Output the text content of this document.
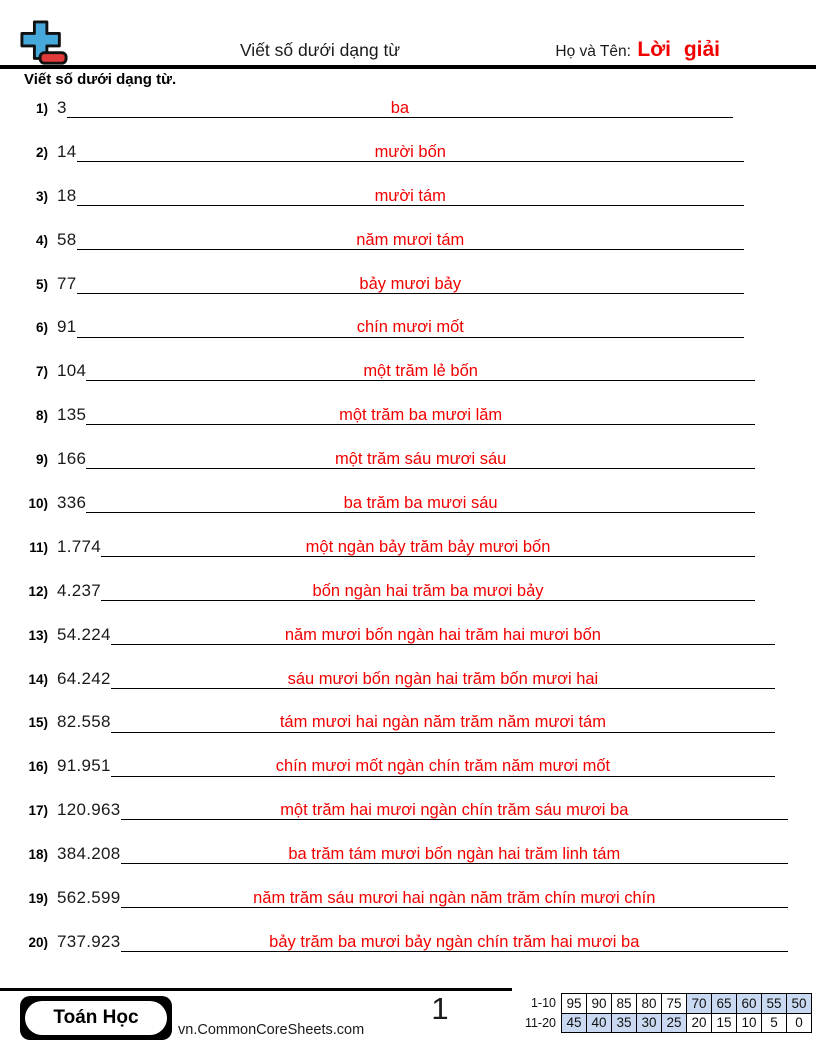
Viết số dưới dạng từ	Họ và Tên: Lời giải
Viết số dưới dạng từ.
1) 3	ba
2) 14	mười bốn
3) 18	mười tám
4) 58	năm mươi tám
5) 77	bảy mươi bảy
6) 91	chín mươi mốt
7) 104	một trăm lẻ bốn
8) 135	một trăm ba mươi lăm
9) 166	một trăm sáu mươi sáu
10) 336	ba trăm ba mươi sáu
11) 1.774	một ngàn bảy trăm bảy mươi bốn
12) 4.237	bốn ngàn hai trăm ba mươi bảy
13) 54.224	năm mươi bốn ngàn hai trăm hai mươi bốn
14) 64.242	sáu mươi bốn ngàn hai trăm bốn mươi hai
15) 82.558	tám mươi hai ngàn năm trăm năm mươi tám
16) 91.951	chín mươi mốt ngàn chín trăm năm mươi mốt
17) 120.963	một trăm hai mươi ngàn chín trăm sáu mươi ba
18) 384.208	ba trăm tám mươi bốn ngàn hai trăm linh tám
19) 562.599	năm trăm sáu mươi hai ngàn năm trăm chín mươi chín
20) 737.923	bảy trăm ba mươi bảy ngàn chín trăm hai mươi ba
Toán Học
vn.CommonCoreSheets.com
1	1-10	95	90	85	80	75	70	65	60	55	50
11-20	45	40	35	30	25	20	15	10	5	0
